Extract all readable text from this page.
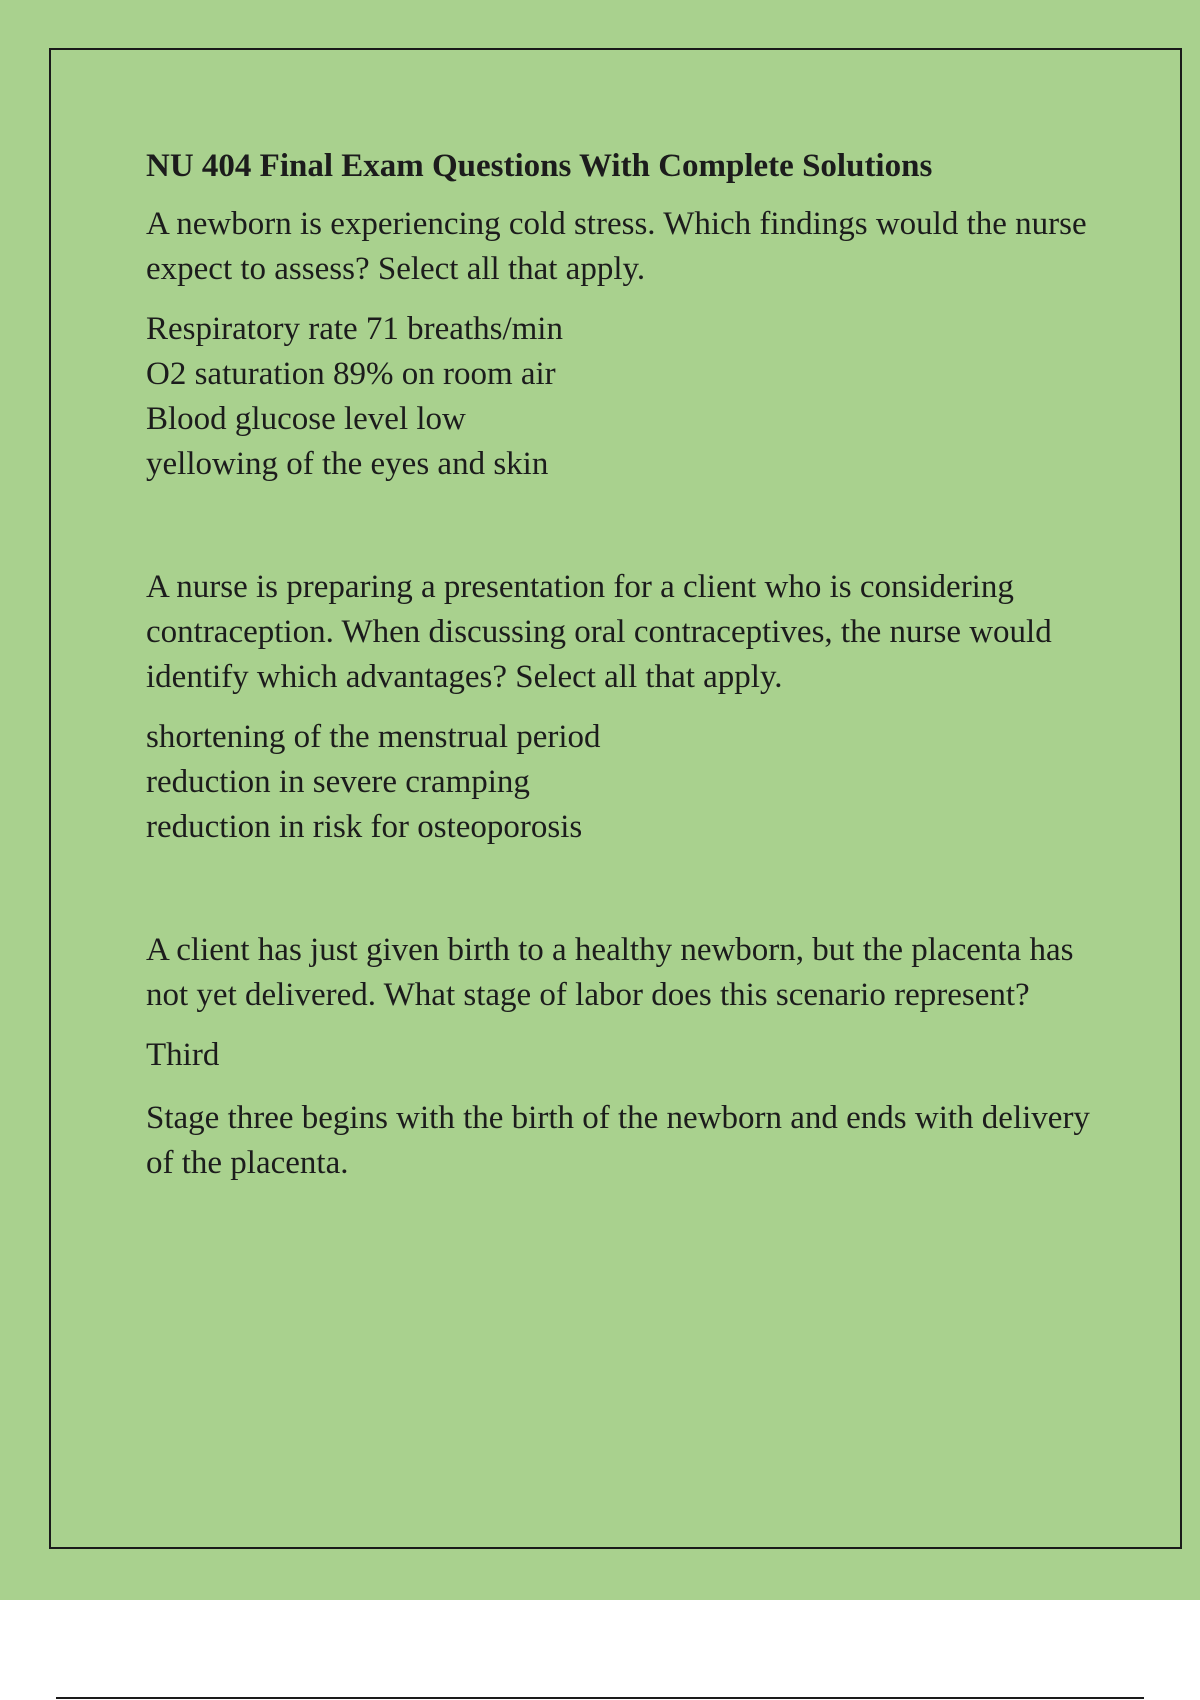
NU 404 Final Exam Questions With Complete Solutions
A newborn is experiencing cold stress. Which findings would the nurse expect to assess? Select all that apply.
Respiratory rate 71 breaths/min
O2 saturation 89% on room air
Blood glucose level low
yellowing of the eyes and skin
A nurse is preparing a presentation for a client who is considering contraception. When discussing oral contraceptives, the nurse would identify which advantages? Select all that apply.
shortening of the menstrual period
reduction in severe cramping
reduction in risk for osteoporosis
A client has just given birth to a healthy newborn, but the placenta has not yet delivered. What stage of labor does this scenario represent?
Third
Stage three begins with the birth of the newborn and ends with delivery of the placenta.
